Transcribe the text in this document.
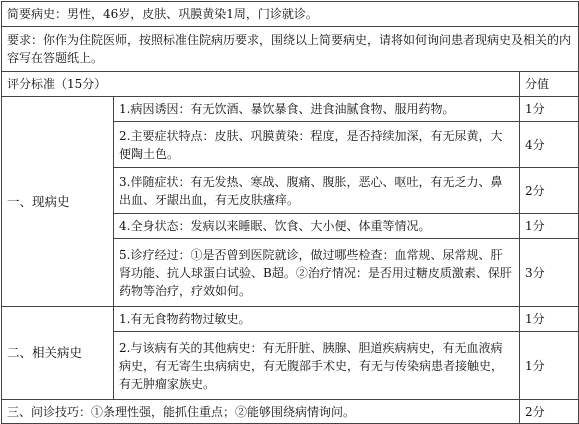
简要病史：男性，46岁，皮肤、巩膜黄染1周，门诊就诊。		
要求：你作为住院医师，按照标准住院病历要求，围绕以上简要病史，请将如何询问患者现病史及相关的内容写在答题纸上。		
评分标准（15分）		分值
一、现病史	1.病因诱因：有无饮酒、暴饮暴食、进食油腻食物、服用药物。	1分
	2.主要症状特点：皮肤、巩膜黄染：程度，是否持续加深，有无尿黄，大便陶土色。	4分
	3.伴随症状：有无发热、寒战、腹痛、腹胀，恶心、呕吐，有无乏力、鼻出血、牙龈出血，有无皮肤瘙痒。	2分
	4.全身状态：发病以来睡眠、饮食、大小便、体重等情况。	1分
	5.诊疗经过：①是否曾到医院就诊，做过哪些检查：血常规、尿常规、肝肾功能、抗人球蛋白试验、B超。②治疗情况：是否用过糖皮质激素、保肝药物等治疗，疗效如何。	3分
二、相关病史	1.有无食物药物过敏史。	1分
	2.与该病有关的其他病史：有无肝脏、胰腺、胆道疾病病史，有无血液病病史，有无寄生虫病病史，有无腹部手术史，有无与传染病患者接触史，有无肿瘤家族史。	1分
三、问诊技巧：①条理性强，能抓住重点；②能够围绕病情询问。		2分
